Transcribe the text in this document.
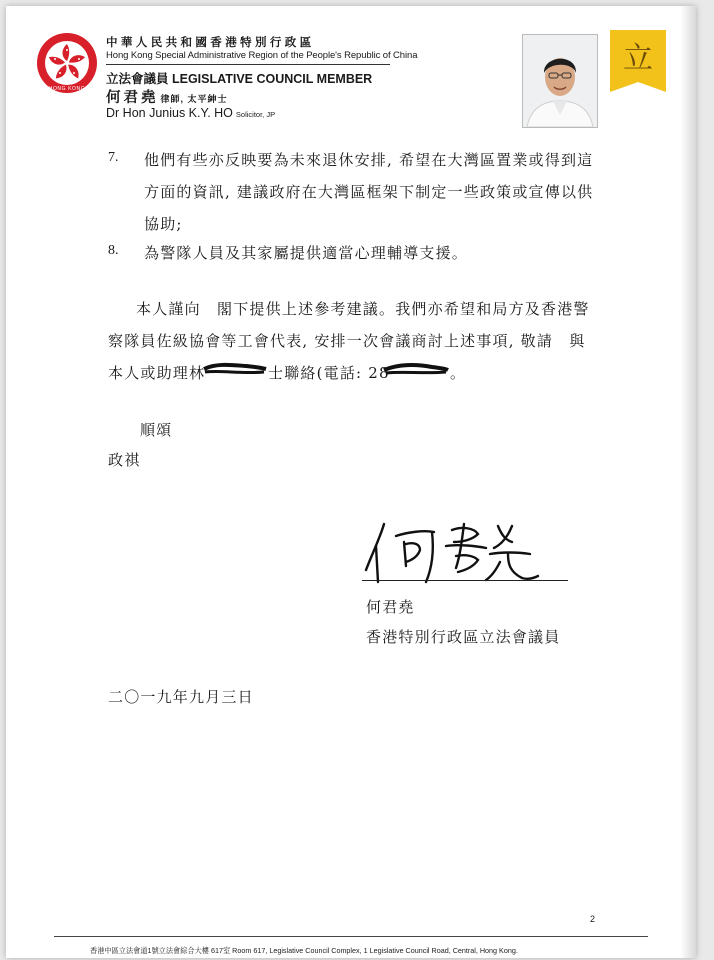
HONG KONG
中華人民共和國香港特別行政區
Hong Kong Special Administrative Region of the People's Republic of China
立法會議員 LEGISLATIVE COUNCIL MEMBER
何君堯 律師, 太平紳士
Dr Hon Junius K.Y. HO Solicitor, JP
立
7. 他們有些亦反映要為未來退休安排, 希望在大灣區置業或得到這
方面的資訊, 建議政府在大灣區框架下制定一些政策或宣傳以供
協助;
8. 為警隊人員及其家屬提供適當心理輔導支援。
本人謹向　閣下提供上述參考建議。我們亦希望和局方及香港警
察隊員佐級協會等工會代表, 安排一次會議商討上述事項, 敬請　與
本人或助理林	士聯絡(電話: 28	。
順頌
政祺
何君堯
香港特別行政區立法會議員
二〇一九年九月三日
2
香港中區立法會道1號立法會綜合大樓 617室 Room 617, Legislative Council Complex, 1 Legislative Council Road, Central, Hong Kong.
